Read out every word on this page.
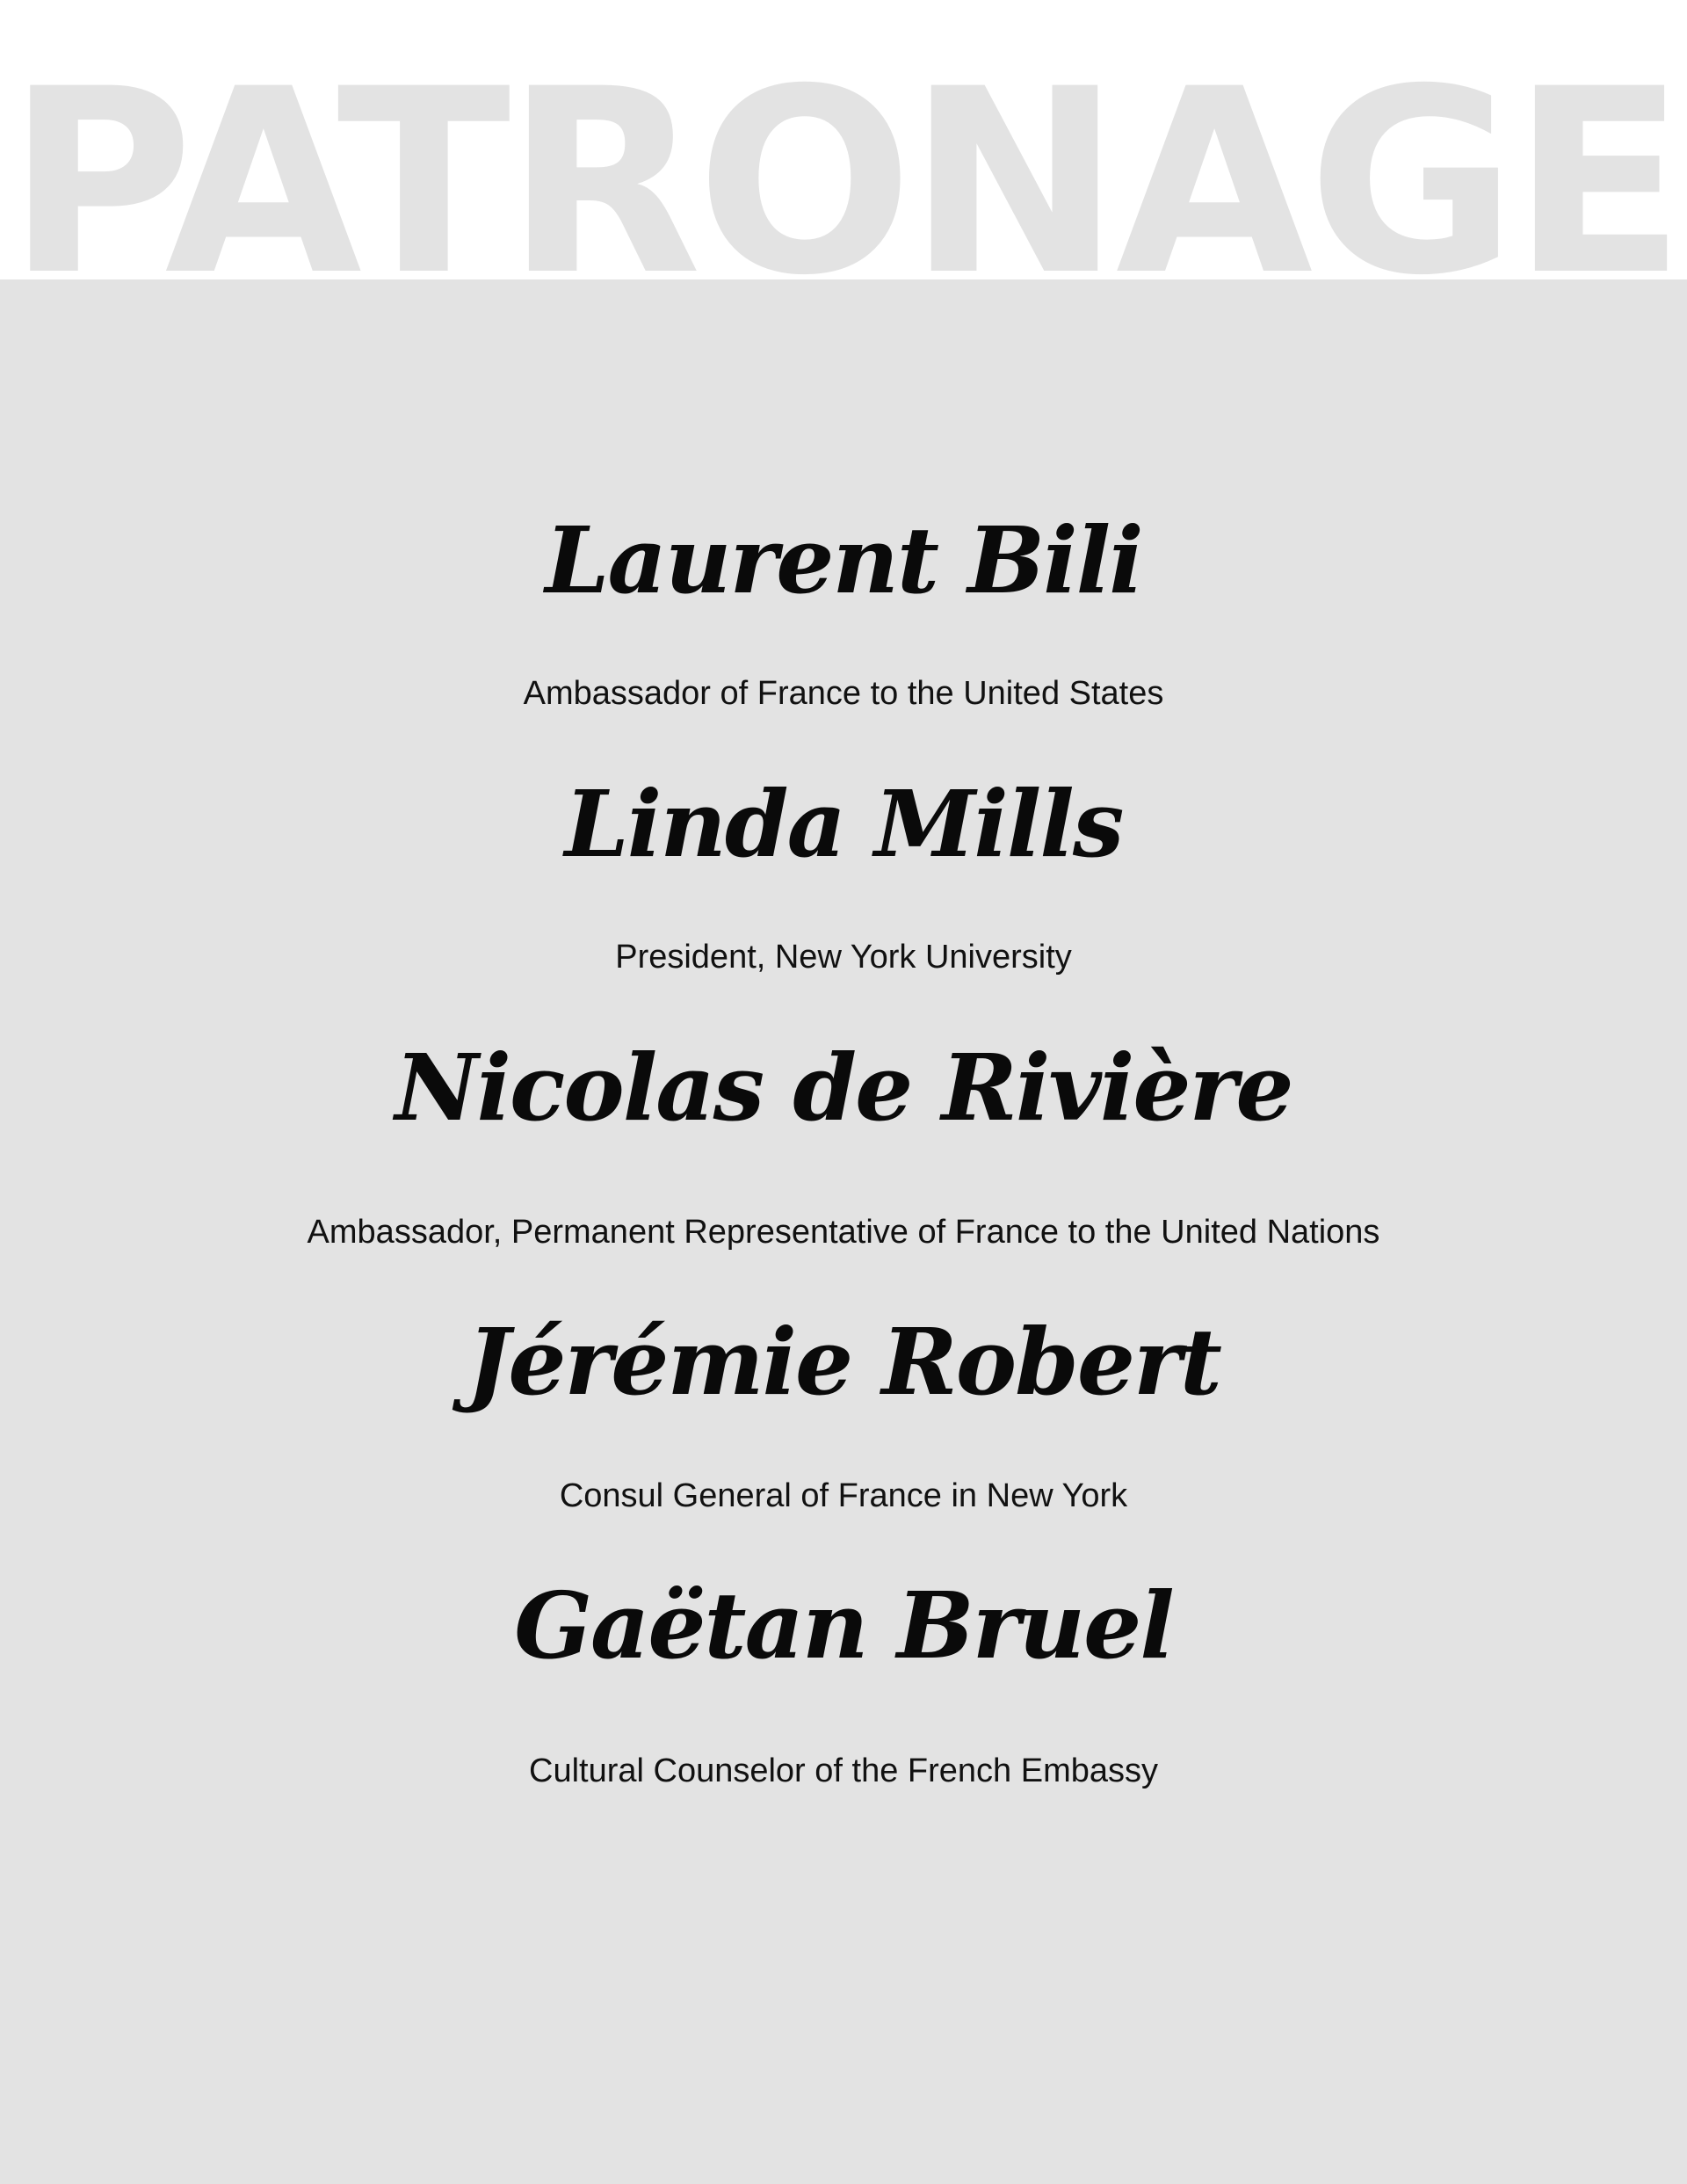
PATRONAGE
Laurent Bili
Ambassador of France to the United States
Linda Mills
President, New York University
Nicolas de Rivière
Ambassador, Permanent Representative of France to the United Nations
Jérémie Robert
Consul General of France in New York
Gaëtan Bruel
Cultural Counselor of the French Embassy
